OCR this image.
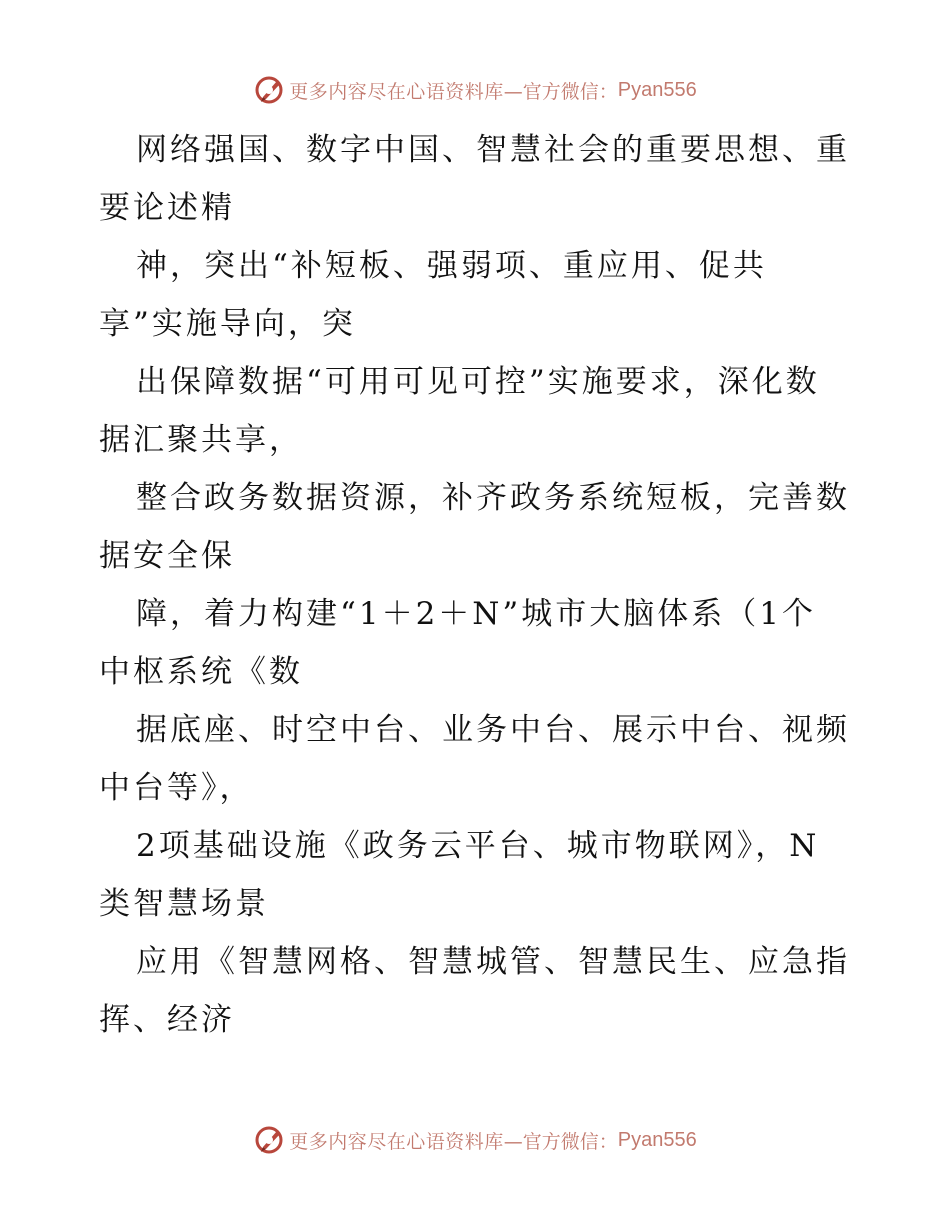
更多内容尽在心语资料库 —官方微信： Pyan556
网络强国、数字中国、智慧社会的重要思想、重
要论述精
神，突出“补短板、强弱项、重应用、促共
享”实施导向，突
出保障数据“可用可见可控”实施要求，深化数
据汇聚共享，
整合政务数据资源，补齐政务系统短板，完善数
据安全保
障，着力构建“1＋2＋N”城市大脑体系（1个
中枢系统《数
据底座、时空中台、业务中台、展示中台、视频
中台等》，
2项基础设施《政务云平台、城市物联网》，N
类智慧场景
应用《智慧网格、智慧城管、智慧民生、应急指
挥、经济
更多内容尽在心语资料库 —官方微信： Pyan556
